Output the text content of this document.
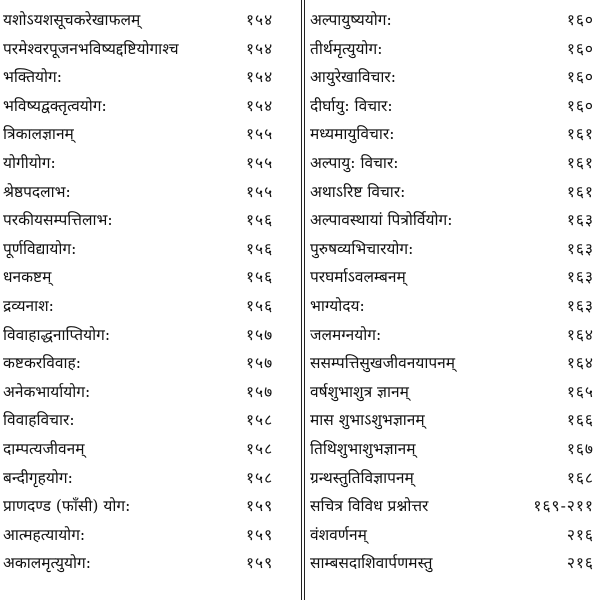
यशोऽयशसूचकरेखाफलम्	१५४
परमेश्वरपूजनभविष्यद्दष्टियोगाश्च	१५४
भक्तियोग:	१५४
भविष्यद्वक्तृत्वयोग:	१५४
त्रिकालज्ञानम्	१५५
योगीयोग:	१५५
श्रेष्ठपदलाभ:	१५५
परकीयसम्पत्तिलाभ:	१५६
पूर्णविद्यायोग:	१५६
धनकष्टम्	१५६
द्रव्यनाश:	१५६
विवाहाद्धनाप्तियोग:	१५७
कष्टकरविवाह:	१५७
अनेकभार्यायोग:	१५७
विवाहविचार:	१५८
दाम्पत्यजीवनम्	१५८
बन्दीगृहयोग:	१५८
प्राणदण्ड (फाँसी) योग:	१५९
आत्महत्यायोग:	१५९
अकालमृत्युयोग:	१५९
अल्पायुष्ययोग:	१६०
तीर्थमृत्युयोग:	१६०
आयुरेखाविचार:	१६०
दीर्घायु: विचार:	१६०
मध्यमायुविचार:	१६१
अल्पायु: विचार:	१६१
अथाऽरिष्ट विचार:	१६१
अल्पावस्थायां पित्रोर्वियोग:	१६३
पुरुषव्यभिचारयोग:	१६३
परघर्माऽवलम्बनम्	१६३
भाग्योदय:	१६३
जलमग्नयोग:	१६४
ससम्पत्तिसुखजीवनयापनम्	१६४
वर्षशुभाशुत्र ज्ञानम्	१६५
मास शुभाऽशुभज्ञानम्	१६६
तिथिशुभाशुभज्ञानम्	१६७
ग्रन्थस्तुतिविज्ञापनम्	१६८
सचित्र विविध प्रश्नोत्तर	१६९-२११
वंशवर्णनम्	२१६
साम्बसदाशिवार्पणमस्तु	२१६
